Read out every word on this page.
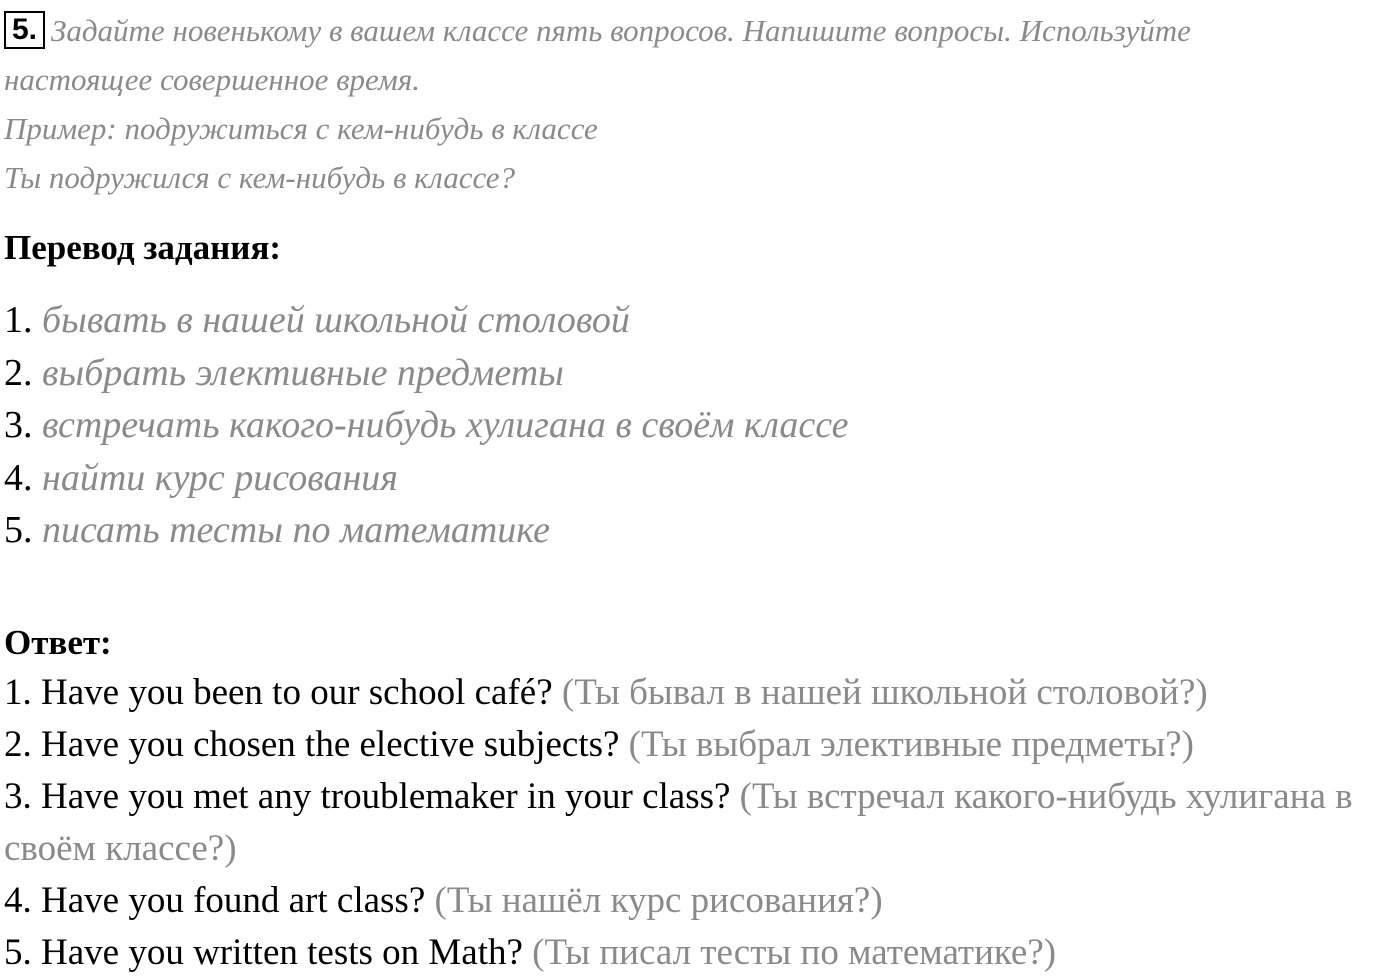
5. Задайте новенькому в вашем классе пять вопросов. Напишите вопросы. Используйте
настоящее совершенное время.
Пример: подружиться с кем-нибудь в классе
Ты подружился с кем-нибудь в классе?
Перевод задания:
1. бывать в нашей школьной столовой
2. выбрать элективные предметы
3. встречать какого-нибудь хулигана в своём классе
4. найти курс рисования
5. писать тесты по математике
Ответ:
1. Have you been to our school café? (Ты бывал в нашей школьной столовой?)
2. Have you chosen the elective subjects? (Ты выбрал элективные предметы?)
3. Have you met any troublemaker in your class? (Ты встречал какого-нибудь хулигана в своём классе?)
4. Have you found art class? (Ты нашёл курс рисования?)
5. Have you written tests on Math? (Ты писал тесты по математике?)
